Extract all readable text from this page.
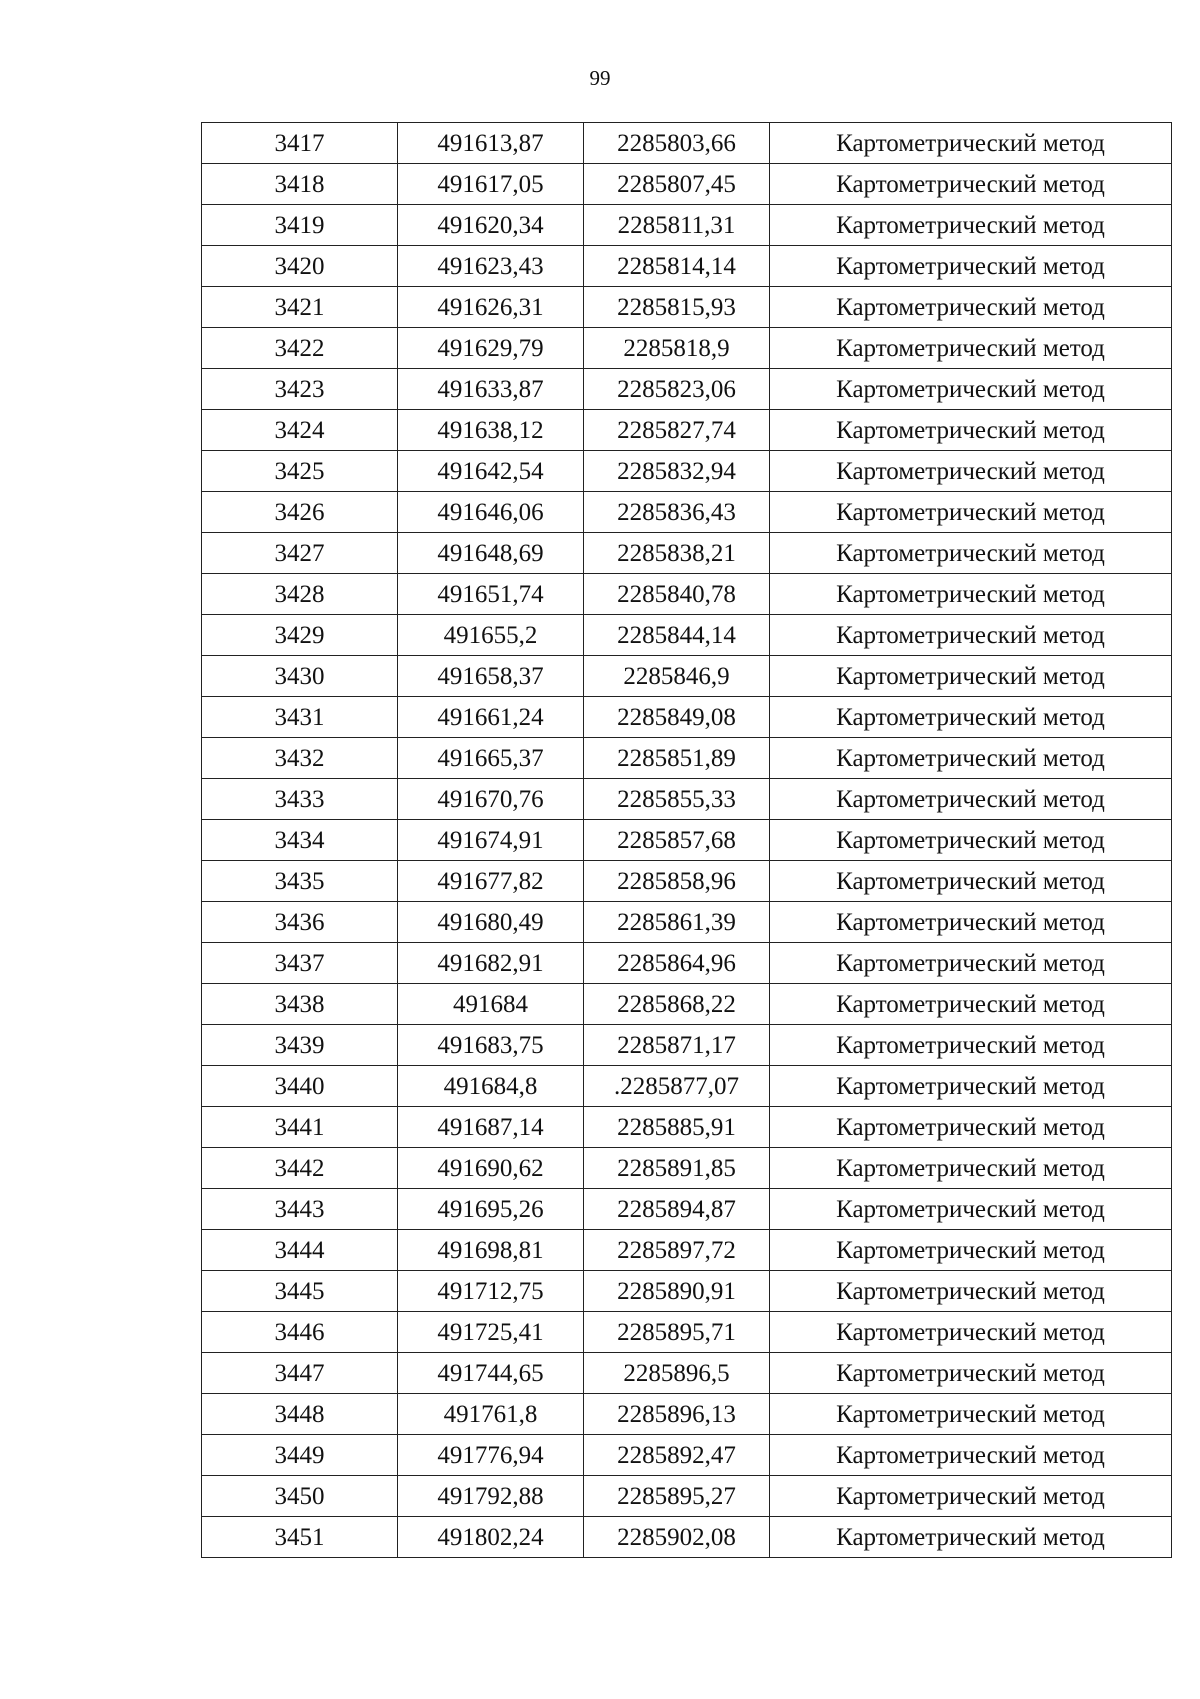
99
3417	491613,87	2285803,66	Картометрический метод
3418	491617,05	2285807,45	Картометрический метод
3419	491620,34	2285811,31	Картометрический метод
3420	491623,43	2285814,14	Картометрический метод
3421	491626,31	2285815,93	Картометрический метод
3422	491629,79	2285818,9	Картометрический метод
3423	491633,87	2285823,06	Картометрический метод
3424	491638,12	2285827,74	Картометрический метод
3425	491642,54	2285832,94	Картометрический метод
3426	491646,06	2285836,43	Картометрический метод
3427	491648,69	2285838,21	Картометрический метод
3428	491651,74	2285840,78	Картометрический метод
3429	491655,2	2285844,14	Картометрический метод
3430	491658,37	2285846,9	Картометрический метод
3431	491661,24	2285849,08	Картометрический метод
3432	491665,37	2285851,89	Картометрический метод
3433	491670,76	2285855,33	Картометрический метод
3434	491674,91	2285857,68	Картометрический метод
3435	491677,82	2285858,96	Картометрический метод
3436	491680,49	2285861,39	Картометрический метод
3437	491682,91	2285864,96	Картометрический метод
3438	491684	2285868,22	Картометрический метод
3439	491683,75	2285871,17	Картометрический метод
3440	491684,8	.2285877,07	Картометрический метод
3441	491687,14	2285885,91	Картометрический метод
3442	491690,62	2285891,85	Картометрический метод
3443	491695,26	2285894,87	Картометрический метод
3444	491698,81	2285897,72	Картометрический метод
3445	491712,75	2285890,91	Картометрический метод
3446	491725,41	2285895,71	Картометрический метод
3447	491744,65	2285896,5	Картометрический метод
3448	491761,8	2285896,13	Картометрический метод
3449	491776,94	2285892,47	Картометрический метод
3450	491792,88	2285895,27	Картометрический метод
3451	491802,24	2285902,08	Картометрический метод
